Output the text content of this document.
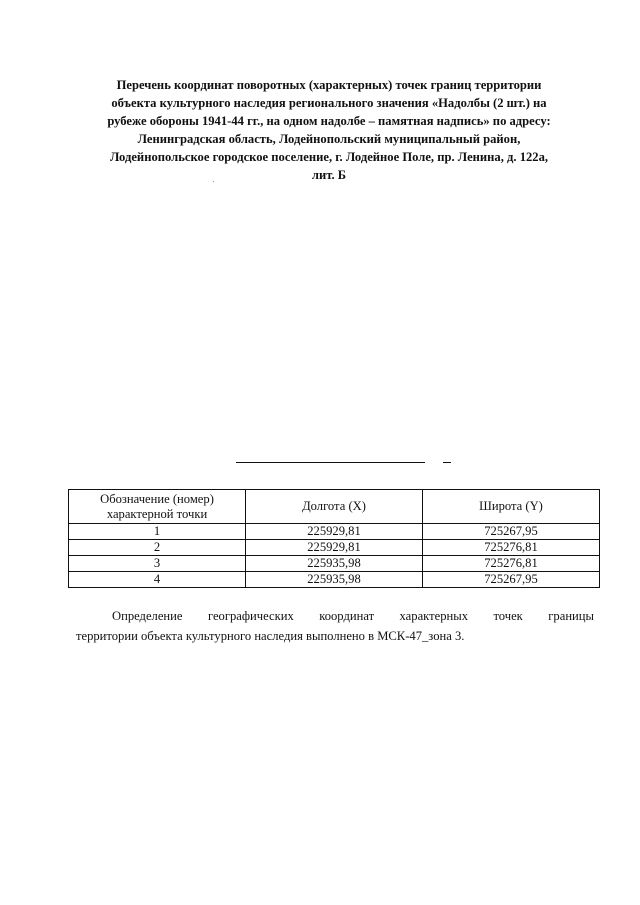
Перечень координат поворотных (характерных) точек границ территории
объекта культурного наследия регионального значения «Надолбы (2 шт.) на
рубеже обороны 1941-44 гг., на одном надолбе – памятная надпись» по адресу:
Ленинградская область, Лодейнопольский муниципальный район,
Лодейнопольское городское поселение, г. Лодейное Поле, пр. Ленина, д. 122а,
лит. Б
Обозначение (номер)
характерной точки	Долгота (X)	Широта (Y)
1	225929,81	725267,95
2	225929,81	725276,81
3	225935,98	725276,81
4	225935,98	725267,95
Определение географических координат характерных точек границы
территории объекта культурного наследия выполнено в МСК-47_зона 3.
